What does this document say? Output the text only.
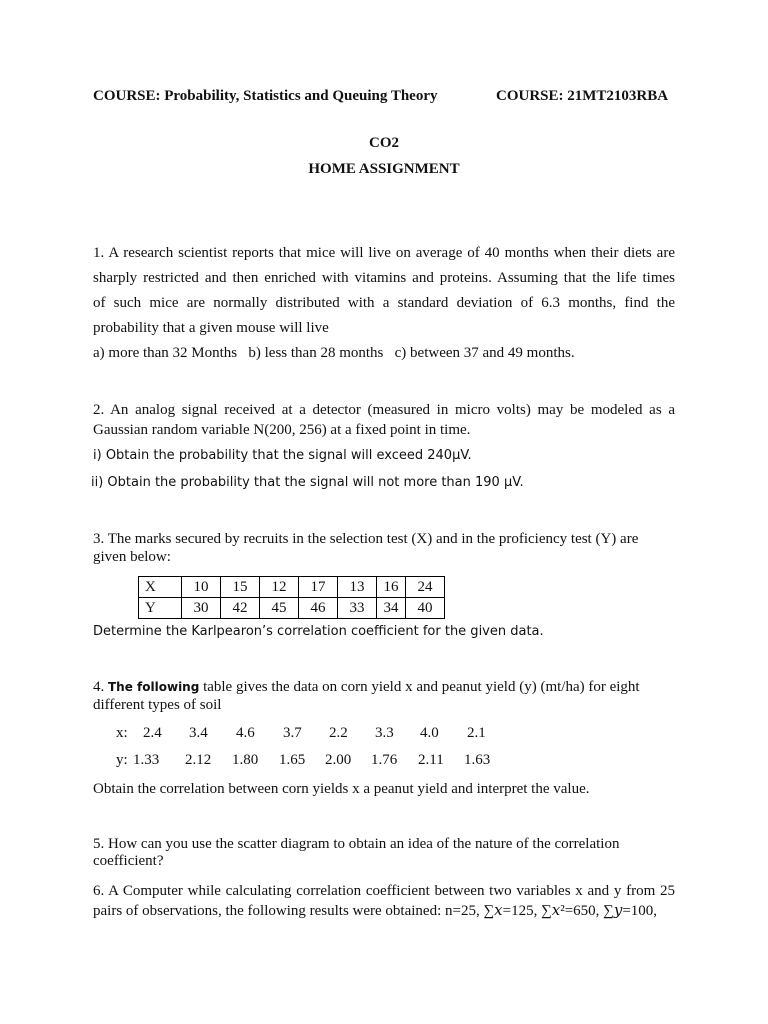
COURSE: Probability, Statistics and Queuing Theory	COURSE: 21MT2103RBA
CO2
HOME ASSIGNMENT
1. A research scientist reports that mice will live on average of 40 months when their diets are
sharply restricted and then enriched with vitamins and proteins. Assuming that the life times
of such mice are normally distributed with a standard deviation of 6.3 months, find the
probability that a given mouse will live
a) more than 32 Months   b) less than 28 months   c) between 37 and 49 months.
2. An analog signal received at a detector (measured in micro volts) may be modeled as a
Gaussian random variable N(200, 256) at a fixed point in time.
i) Obtain the probability that the signal will exceed 240μV.
ii) Obtain the probability that the signal will not more than 190 μV.
3. The marks secured by recruits in the selection test (X) and in the proficiency test (Y) are
given below:
X	10	15	12	17	13	16	24
Y	30	42	45	46	33	34	40
Determine the Karlpearon’s correlation coefficient for the given data.
4. The following table gives the data on corn yield x and peanut yield (y) (mt/ha) for eight
different types of soil
x: 2.4 3.4 4.6 3.7 2.2 3.3 4.0 2.1
y: 1.33 2.12 1.80 1.65 2.00 1.76 2.11 1.63
Obtain the correlation between corn yields x a peanut yield and interpret the value.
5. How can you use the scatter diagram to obtain an idea of the nature of the correlation
coefficient?
6. A Computer while calculating correlation coefficient between two variables x and y from 25
pairs of observations, the following results were obtained: n=25, ∑𝑥=125, ∑𝑥²=650, ∑𝑦=100,
